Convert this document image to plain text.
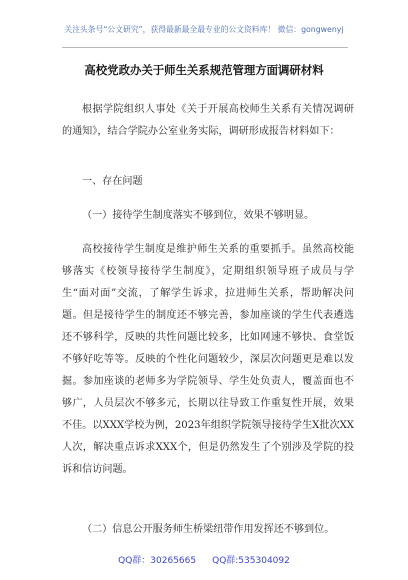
关注头条号“公文研究”，获得最新最全最专业的公文资料库！ 微信：gongwenyj
高校党政办关于师生关系规范管理方面调研材料

根据学院组织人事处《关于开展高校师生关系有关情况调研的通知》，结合学院办公室业务实际，调研形成报告材料如下：

一、存在问题

（一）接待学生制度落实不够到位，效果不够明显。

高校接待学生制度是维护师生关系的重要抓手。虽然高校能够落实《校领导接待学生制度》，定期组织领导班子成员与学生“面对面”交流，了解学生诉求，拉进师生关系，帮助解决问题。但是接待学生的制度还不够完善，参加座谈的学生代表遴选还不够科学，反映的共性问题比较多，比如网速不够快、食堂饭不够好吃等等。反映的个性化问题较少，深层次问题更是难以发掘。参加座谈的老师多为学院领导、学生处负责人，覆盖面也不够广，人员层次不够多元，长期以往导致工作重复性开展，效果不佳。以XXX学校为例，2023年组织学院领导接待学生X批次XX人次，解决重点诉求XXX个，但是仍然发生了个别涉及学院的投诉和信访问题。

（二）信息公开服务师生桥梁纽带作用发挥还不够到位。

QQ群：30265665 QQ群:535304092
